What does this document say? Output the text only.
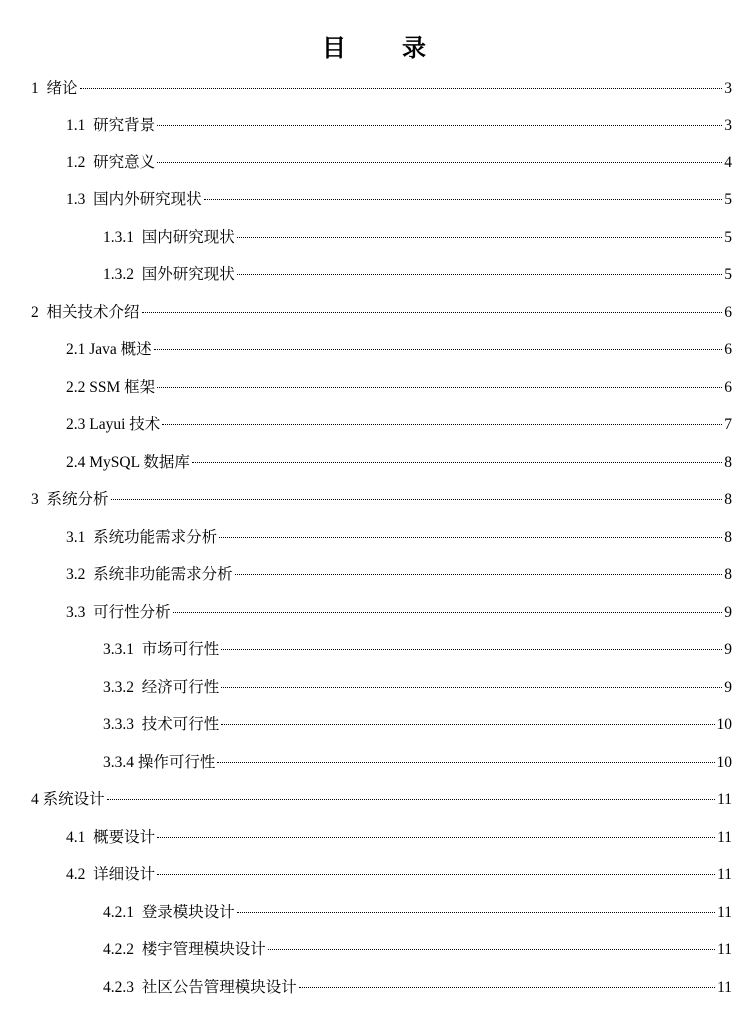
目　录
1 绪论	3
1.1 研究背景	3
1.2 研究意义	4
1.3 国内外研究现状	5
1.3.1 国内研究现状	5
1.3.2 国外研究现状	5
2 相关技术介绍	6
2.1 Java 概述	6
2.2 SSM 框架	6
2.3 Layui 技术	7
2.4 MySQL 数据库	8
3 系统分析	8
3.1 系统功能需求分析	8
3.2 系统非功能需求分析	8
3.3 可行性分析	9
3.3.1 市场可行性	9
3.3.2 经济可行性	9
3.3.3 技术可行性	10
3.3.4 操作可行性	10
4 系统设计	11
4.1 概要设计	11
4.2 详细设计	11
4.2.1 登录模块设计	11
4.2.2 楼宇管理模块设计	11
4.2.3 社区公告管理模块设计	11
